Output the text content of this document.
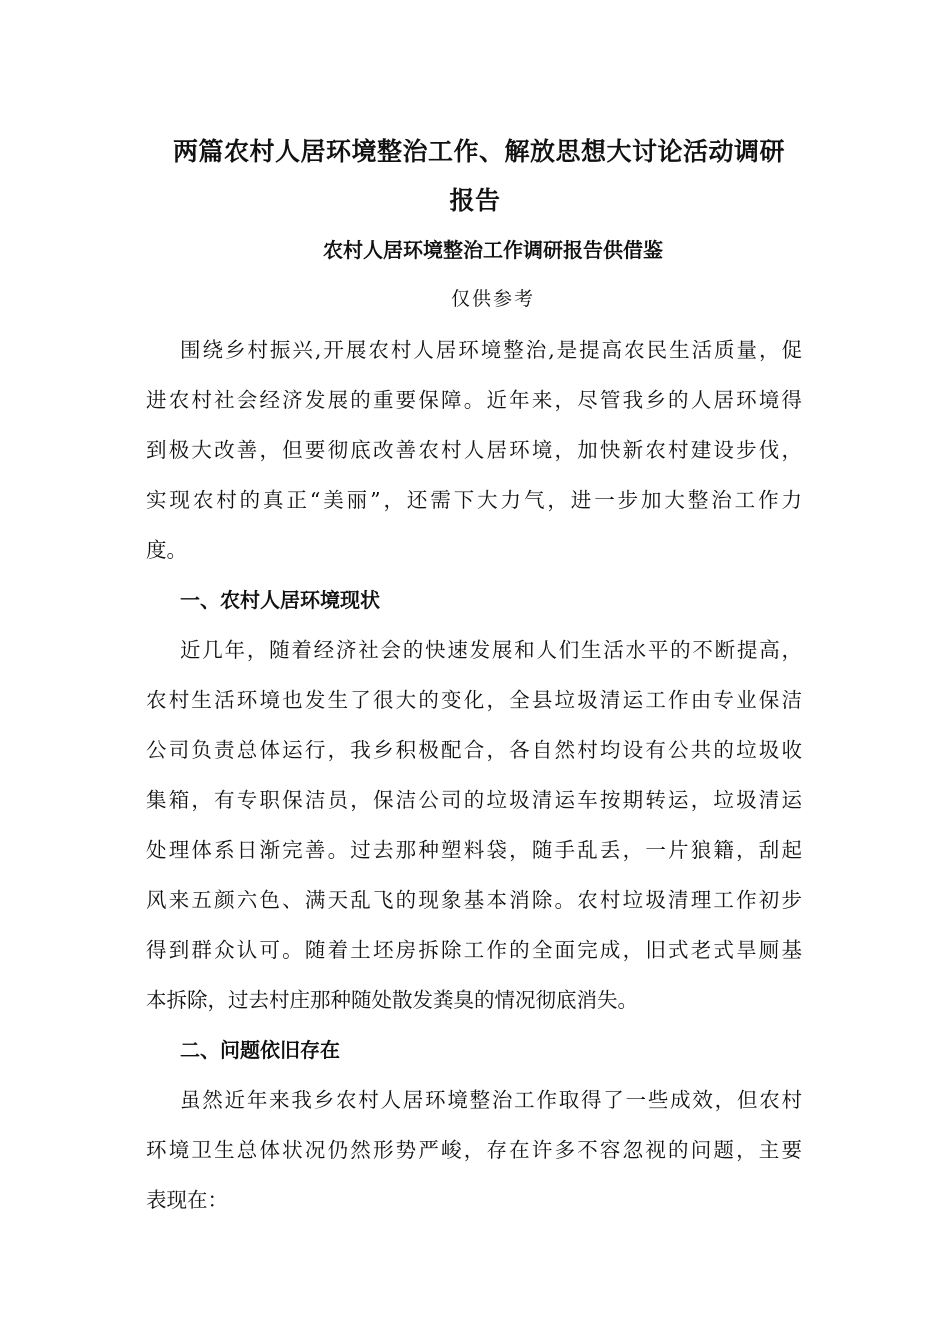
两篇农村人居环境整治工作、解放思想大讨论活动调研
报告
农村人居环境整治工作调研报告供借鉴
仅供参考
围绕乡村振兴,开展农村人居环境整治,是提高农民生活质量，促
进农村社会经济发展的重要保障。近年来，尽管我乡的人居环境得
到极大改善，但要彻底改善农村人居环境，加快新农村建设步伐，
实现农村的真正“美丽”，还需下大力气，进一步加大整治工作力
度。
一、农村人居环境现状
近几年，随着经济社会的快速发展和人们生活水平的不断提高，
农村生活环境也发生了很大的变化，全县垃圾清运工作由专业保洁
公司负责总体运行，我乡积极配合，各自然村均设有公共的垃圾收
集箱，有专职保洁员，保洁公司的垃圾清运车按期转运，垃圾清运
处理体系日渐完善。过去那种塑料袋，随手乱丢，一片狼籍，刮起
风来五颜六色、满天乱飞的现象基本消除。农村垃圾清理工作初步
得到群众认可。随着土坯房拆除工作的全面完成，旧式老式旱厕基
本拆除，过去村庄那种随处散发粪臭的情况彻底消失。
二、问题依旧存在
虽然近年来我乡农村人居环境整治工作取得了一些成效，但农村
环境卫生总体状况仍然形势严峻，存在许多不容忽视的问题，主要
表现在：
